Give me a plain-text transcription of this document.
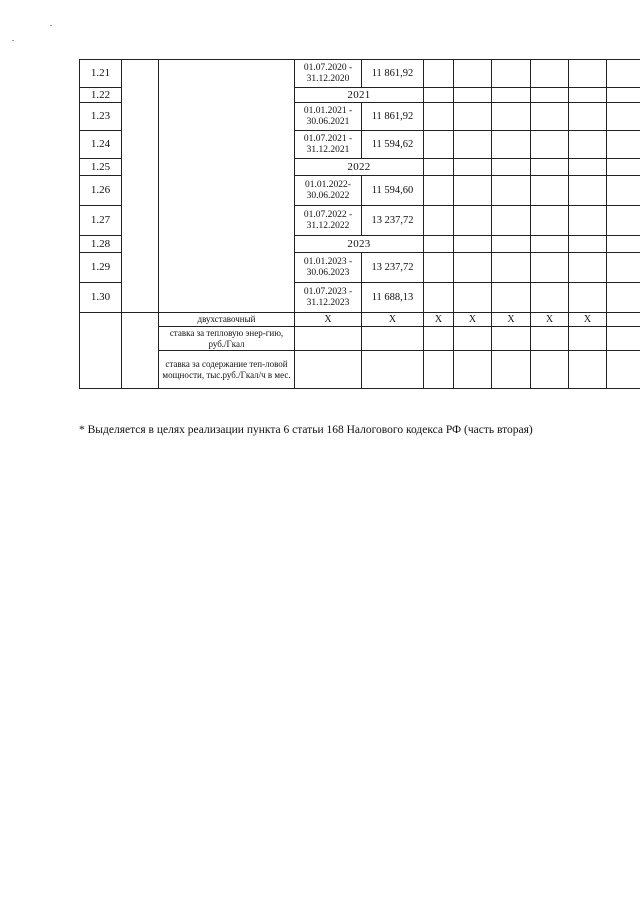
1.21			01.07.2020 -
31.12.2020	11 861,92						
1.22			2021							
1.23			01.01.2021 -
30.06.2021	11 861,92						
1.24			01.07.2021 -
31.12.2021	11 594,62						
1.25			2022							
1.26			01.01.2022-
30.06.2022	11 594,60						
1.27			01.07.2022 -
31.12.2022	13 237,72						
1.28			2023							
1.29			01.01.2023 -
30.06.2023	13 237,72						
1.30			01.07.2023 -
31.12.2023	11 688,13						
		двухставочный	X	X	X	X	X	X	X	
		ставка за тепловую энер-гию, руб./Гкал								
		ставка за содержание теп-ловой мощности, тыс.руб./Гкал/ч в мес.								
* Выделяется в целях реализации пункта 6 статьи 168 Налогового кодекса РФ (часть вторая)
